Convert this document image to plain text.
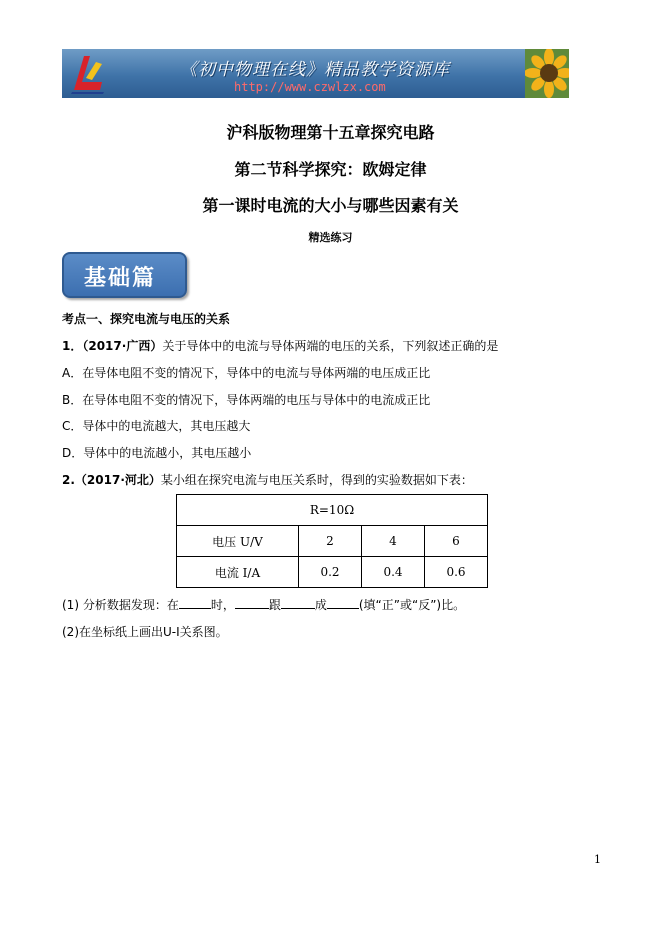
《初中物理在线》精品教学资源库
http://www.czwlzx.com
沪科版物理第十五章探究电路
第二节科学探究：欧姆定律
第一课时电流的大小与哪些因素有关
精选练习
基础篇
考点一、探究电流与电压的关系
1．（2017·广西）关于导体中的电流与导体两端的电压的关系，下列叙述正确的是
A．在导体电阻不变的情况下，导体中的电流与导体两端的电压成正比
B．在导体电阻不变的情况下，导体两端的电压与导体中的电流成正比
C．导体中的电流越大，其电压越大
D．导体中的电流越小，其电压越小
2.（2017·河北）某小组在探究电流与电压关系时，得到的实验数据如下表：
R=10Ω			
电压 U/V	2	4	6
电流 I/A	0.2	0.4	0.6
(1) 分析数据发现：在	时，	跟	成	(填“正”或“反”)比。
(2)在坐标纸上画出U-I关系图。
1
